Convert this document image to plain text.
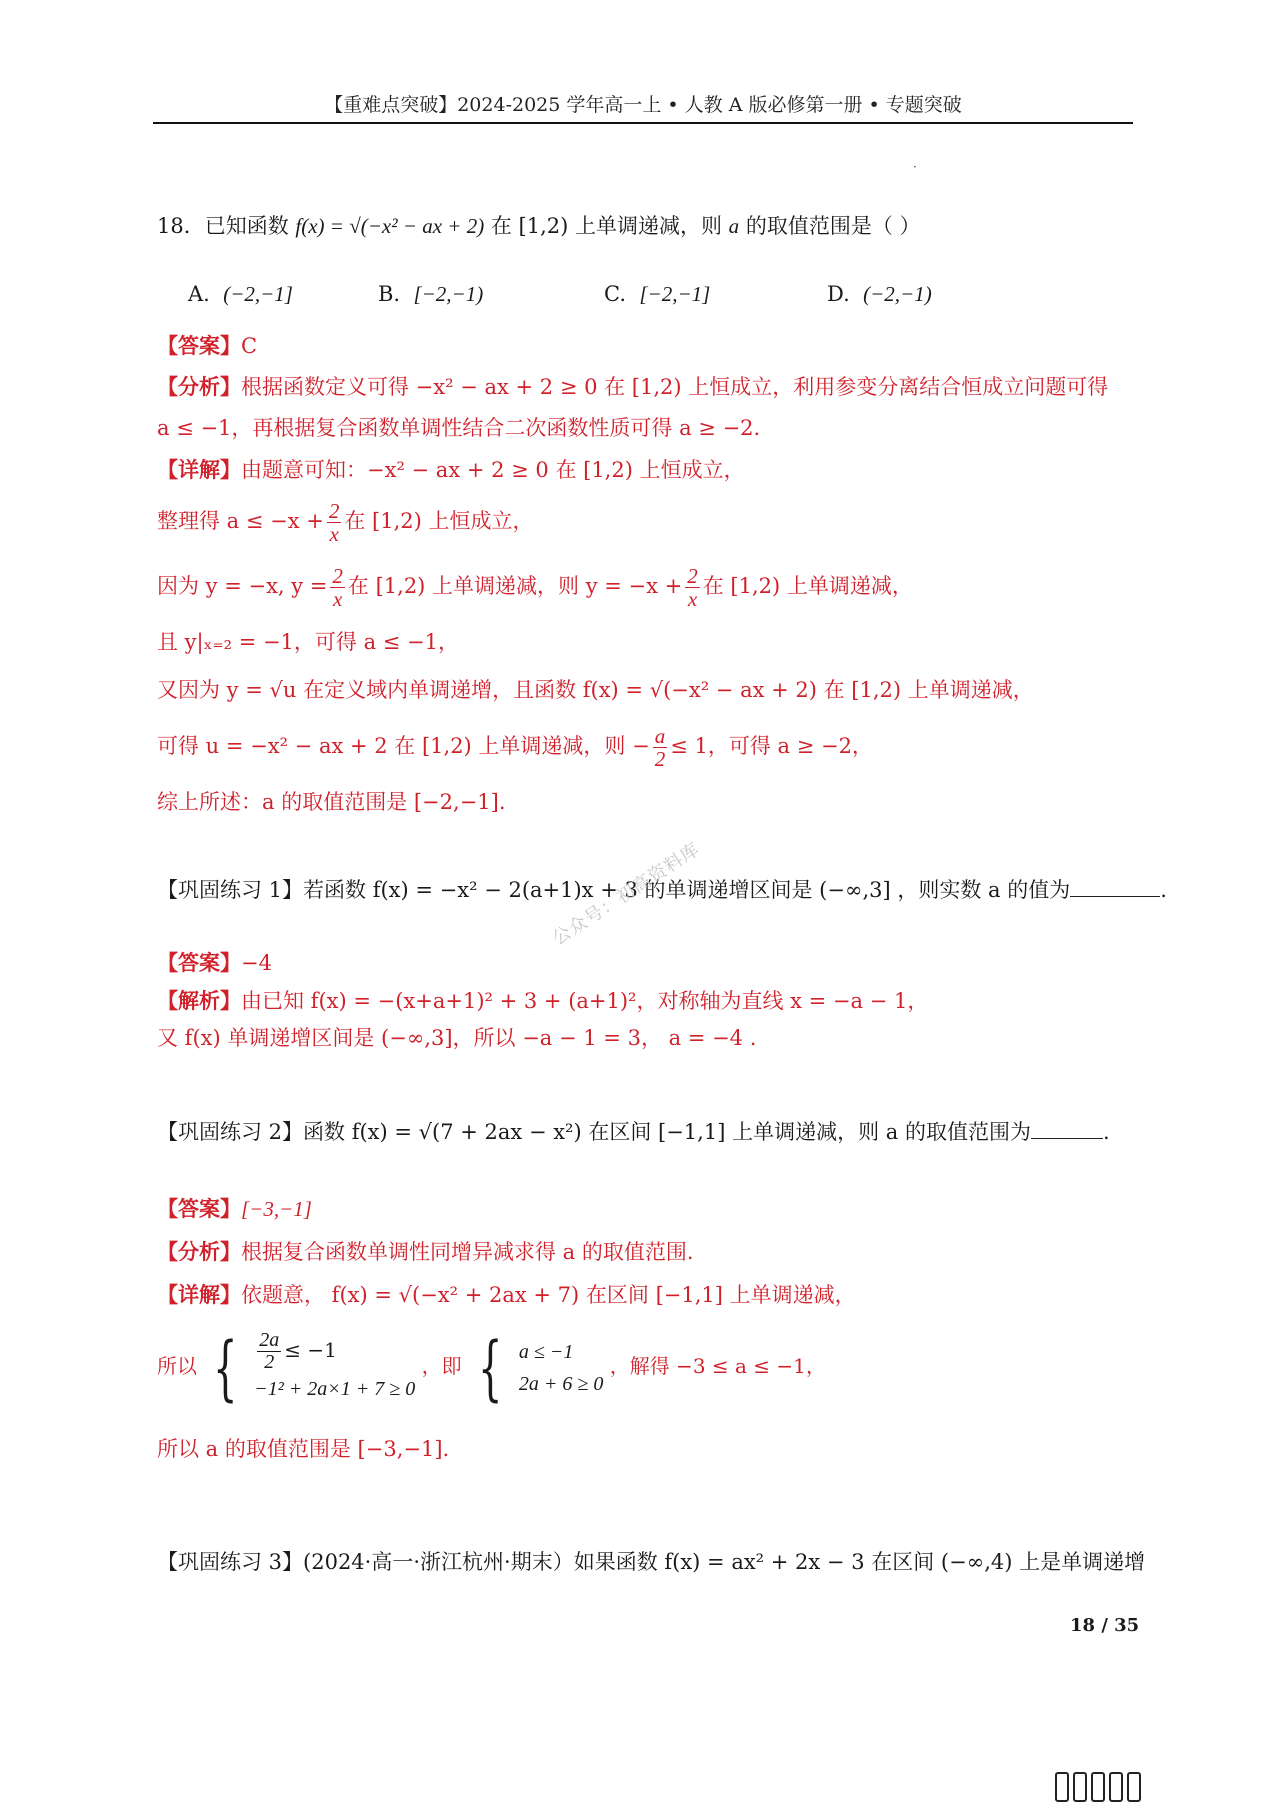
【重难点突破】2024-2025 学年高一上 • 人教 A 版必修第一册 • 专题突破
·
18．已知函数 f(x) = √(−x² − ax + 2) 在 [1,2) 上单调递减，则 a 的取值范围是（ ）
A. (−2,−1]	B. [−2,−1)	C. [−2,−1]	D. (−2,−1)
【答案】C
【分析】根据函数定义可得 −x² − ax + 2 ≥ 0 在 [1,2) 上恒成立，利用参变分离结合恒成立问题可得
a ≤ −1，再根据复合函数单调性结合二次函数性质可得 a ≥ −2.
【详解】由题意可知：−x² − ax + 2 ≥ 0 在 [1,2) 上恒成立，
整理得 $a \le -x + \frac{2}{x}$ 在 [1,2) 上恒成立，
因为 y = −x, $y = \frac{2}{x}$ 在 [1,2) 上单调递减，则 $y = -x + \frac{2}{x}$ 在 [1,2) 上单调递减，
且 y|ₓ₌₂ = −1，可得 a ≤ −1，
又因为 y = √u 在定义域内单调递增，且函数 f(x) = √(−x² − ax + 2) 在 [1,2) 上单调递减，
可得 u = −x² − ax + 2 在 [1,2) 上单调递减，则 − $\frac{a}{2} \le 1$，可得 a ≥ −2，
综上所述：a 的取值范围是 [−2,−1].
【巩固练习 1】若函数 f(x) = −x² − 2(a+1)x + 3 的单调递增区间是 (−∞,3] ，则实数 a 的值为	.
公众号：初高资料库
【答案】−4
【解析】由已知 f(x) = −(x+a+1)² + 3 + (a+1)²，对称轴为直线 x = −a − 1，
又 f(x) 单调递增区间是 (−∞,3]，所以 −a − 1 = 3， a = −4 .
【巩固练习 2】函数 f(x) = √(7 + 2ax − x²) 在区间 [−1,1] 上单调递减，则 a 的取值范围为	.
【答案】[−3,−1]
【分析】根据复合函数单调性同增异减求得 a 的取值范围.
【详解】依题意， f(x) = √(−x² + 2ax + 7) 在区间 [−1,1] 上单调递减，
所以 { $\frac{2a}{2} \le -1$
−1² + 2a×1 + 7 ≥ 0
，即 { a ≤ −1
2a + 6 ≥ 0
，解得 −3 ≤ a ≤ −1，
所以 a 的取值范围是 [−3,−1].
【巩固练习 3】(2024·高一·浙江杭州·期末）如果函数 f(x) = ax² + 2x − 3 在区间 (−∞,4) 上是单调递增
18 / 35
